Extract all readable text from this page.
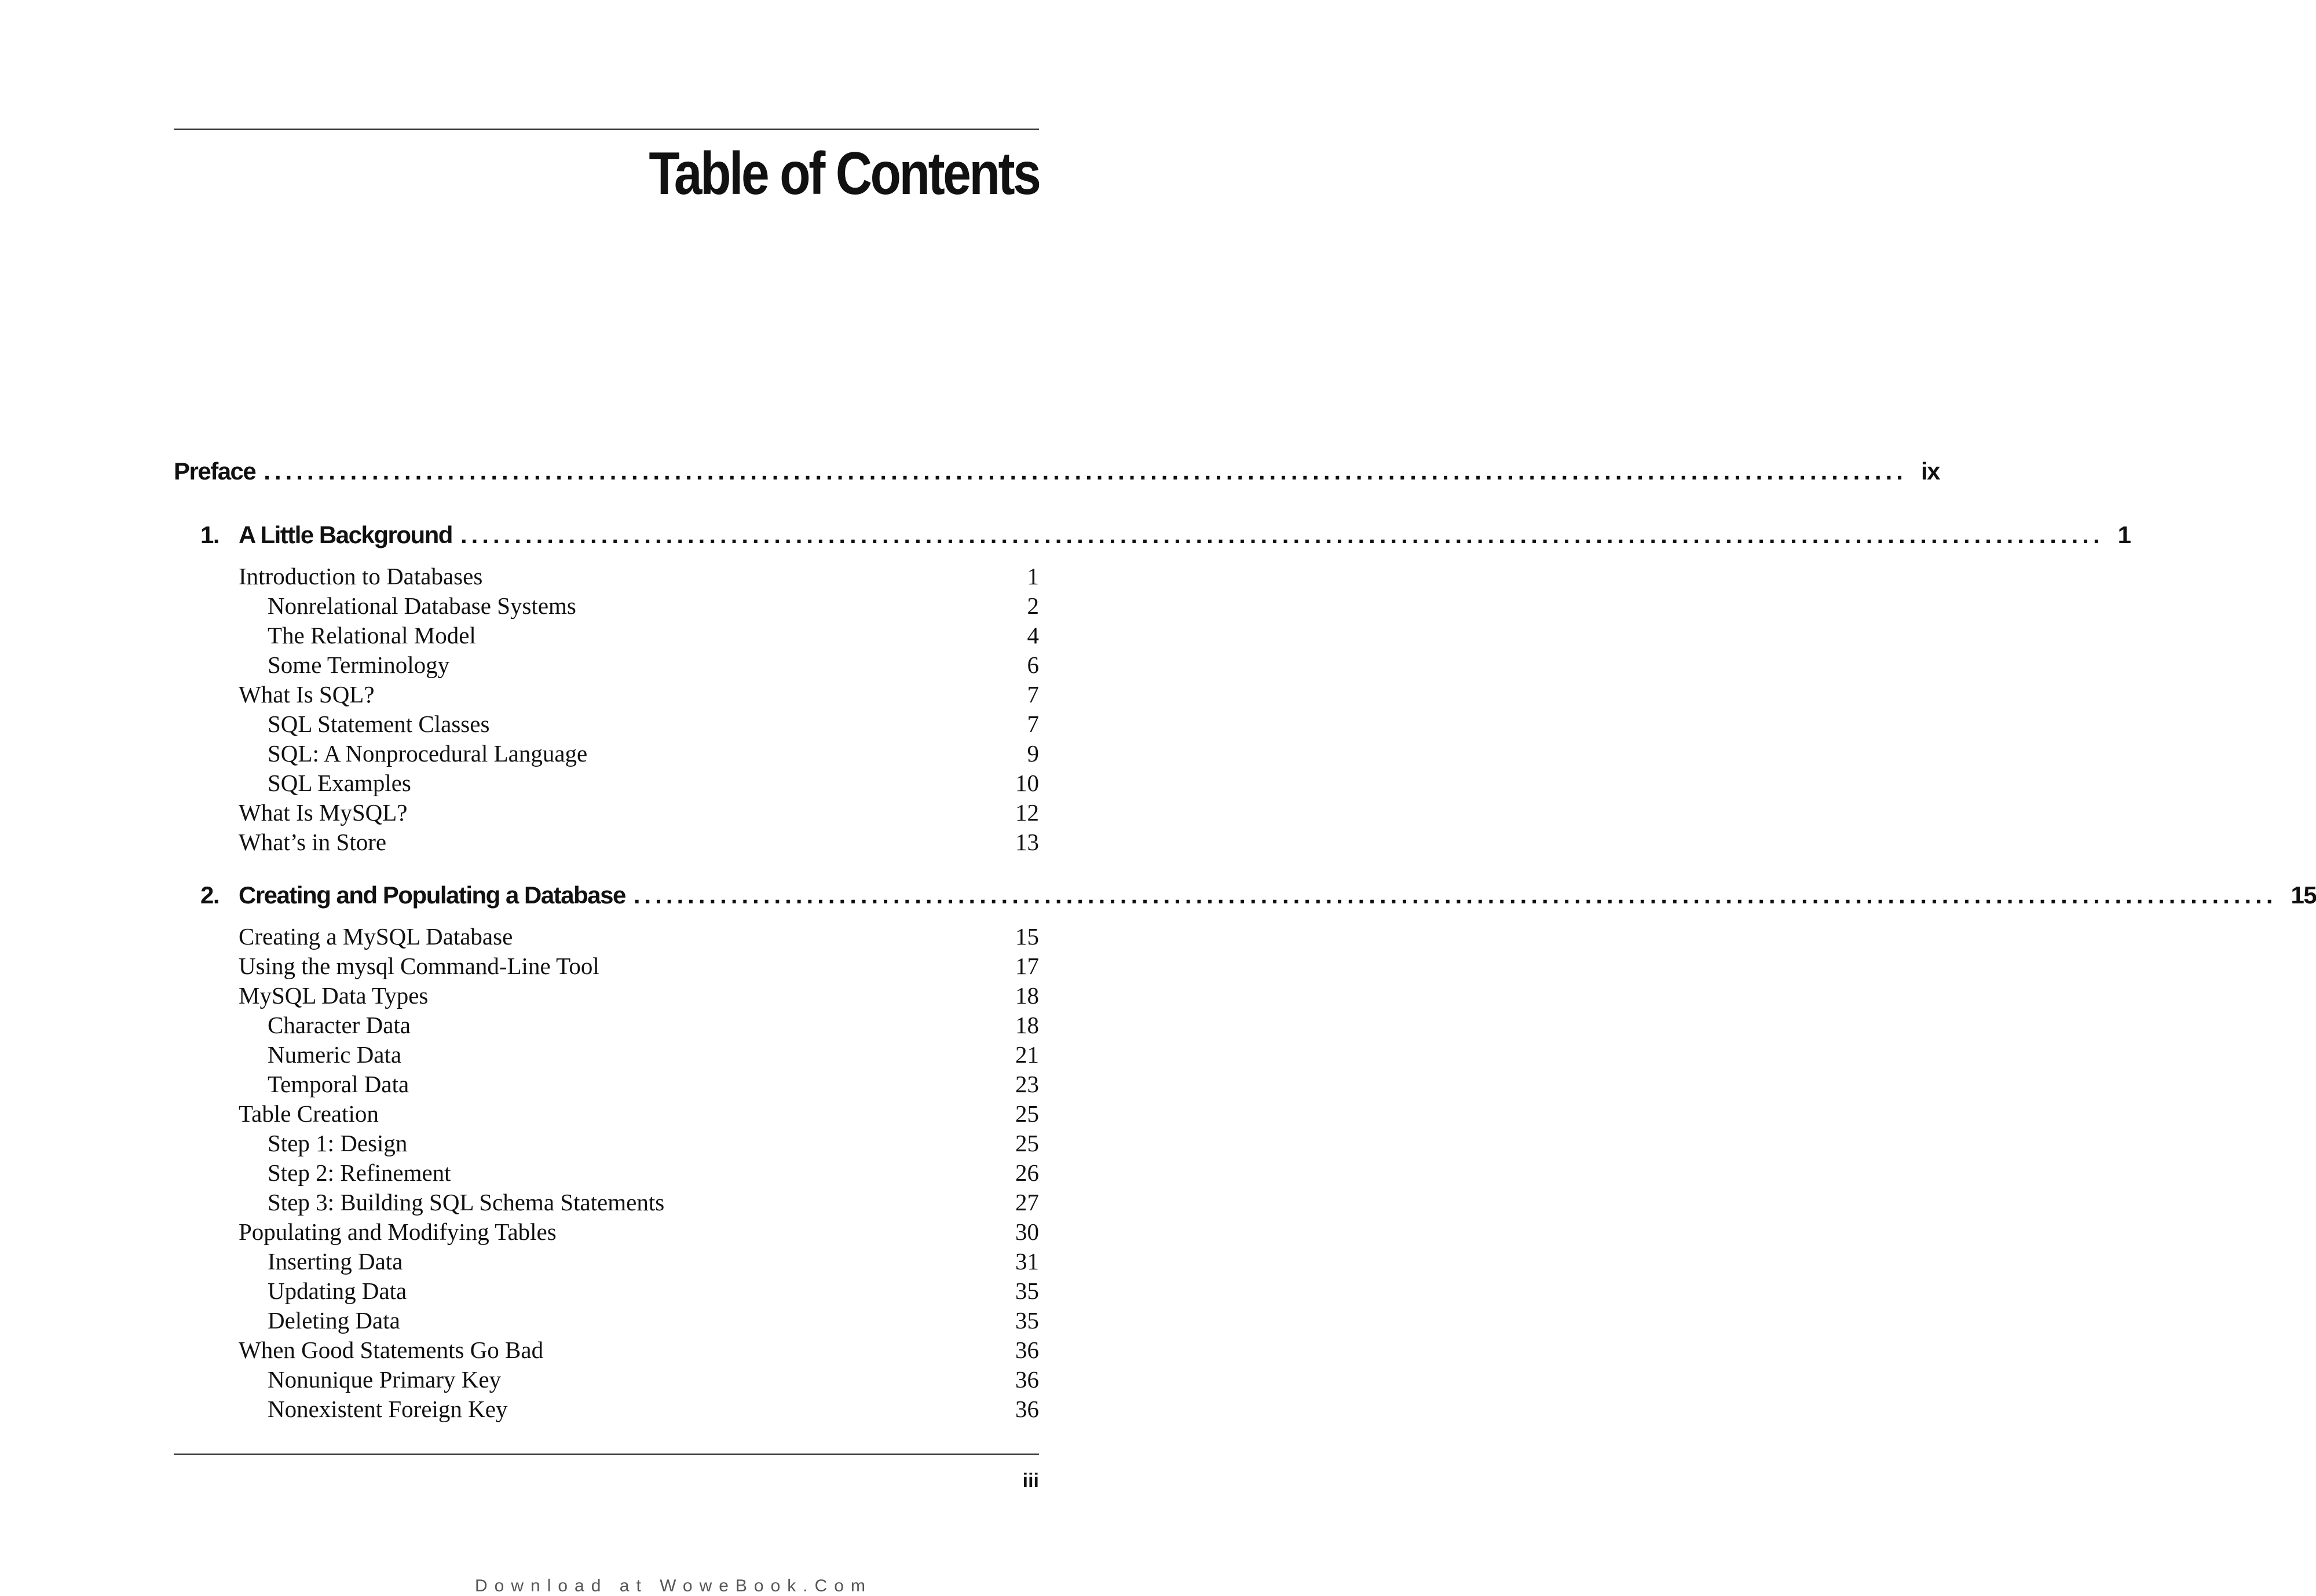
Table of Contents
Preface ........................................................................................................................................................ ix
1. A Little Background ........................................................................................................................................................ 1
Introduction to Databases	1
Nonrelational Database Systems	2
The Relational Model	4
Some Terminology	6
What Is SQL?	7
SQL Statement Classes	7
SQL: A Nonprocedural Language	9
SQL Examples	10
What Is MySQL?	12
What’s in Store	13
2. Creating and Populating a Database ........................................................................................................................................................ 15
Creating a MySQL Database	15
Using the mysql Command-Line Tool	17
MySQL Data Types	18
Character Data	18
Numeric Data	21
Temporal Data	23
Table Creation	25
Step 1: Design	25
Step 2: Refinement	26
Step 3: Building SQL Schema Statements	27
Populating and Modifying Tables	30
Inserting Data	31
Updating Data	35
Deleting Data	35
When Good Statements Go Bad	36
Nonunique Primary Key	36
Nonexistent Foreign Key	36
iii
Download at WoweBook.Com
